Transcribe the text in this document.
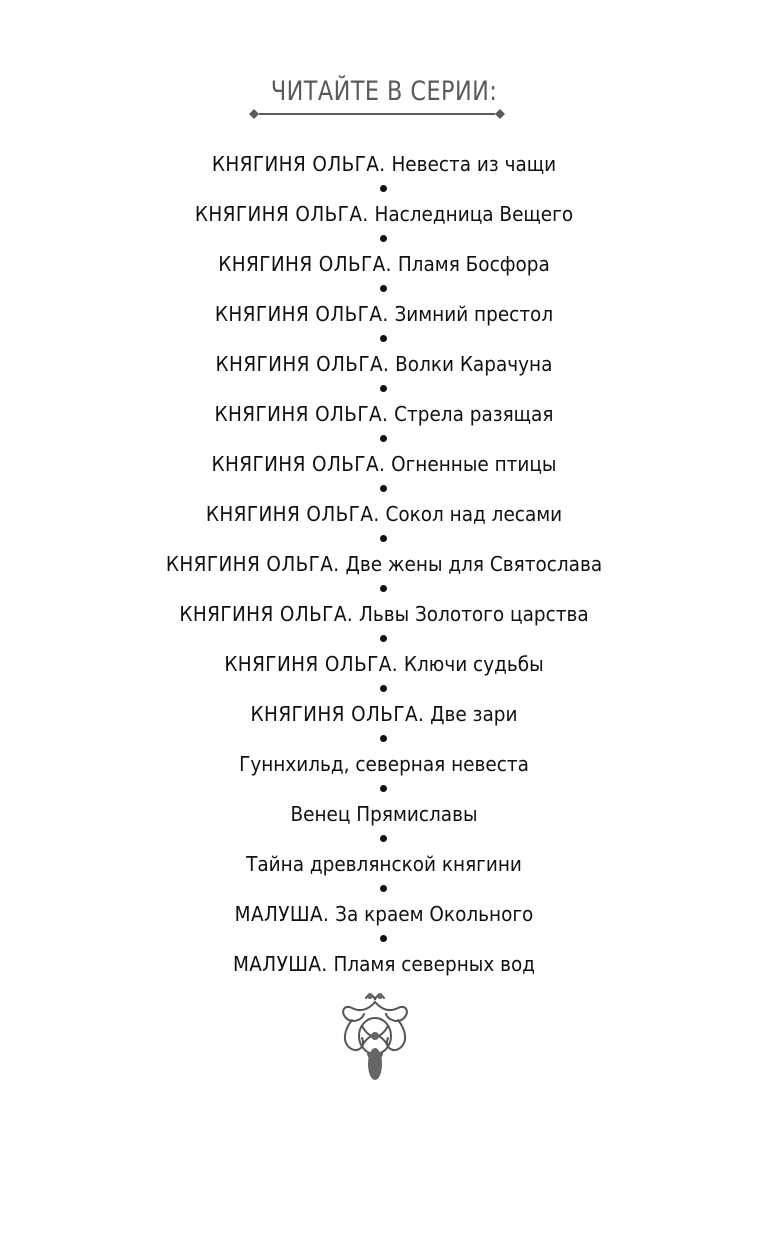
ЧИТАЙТЕ В СЕРИИ:
КНЯГИНЯ ОЛЬГА. Невеста из чащи
КНЯГИНЯ ОЛЬГА. Наследница Вещего
КНЯГИНЯ ОЛЬГА. Пламя Босфора
КНЯГИНЯ ОЛЬГА. Зимний престол
КНЯГИНЯ ОЛЬГА. Волки Карачуна
КНЯГИНЯ ОЛЬГА. Стрела разящая
КНЯГИНЯ ОЛЬГА. Огненные птицы
КНЯГИНЯ ОЛЬГА. Сокол над лесами
КНЯГИНЯ ОЛЬГА. Две жены для Святослава
КНЯГИНЯ ОЛЬГА. Львы Золотого царства
КНЯГИНЯ ОЛЬГА. Ключи судьбы
КНЯГИНЯ ОЛЬГА. Две зари
Гуннхильд, северная невеста
Венец Прямиславы
Тайна древлянской княгини
МАЛУША. За краем Окольного
МАЛУША. Пламя северных вод
